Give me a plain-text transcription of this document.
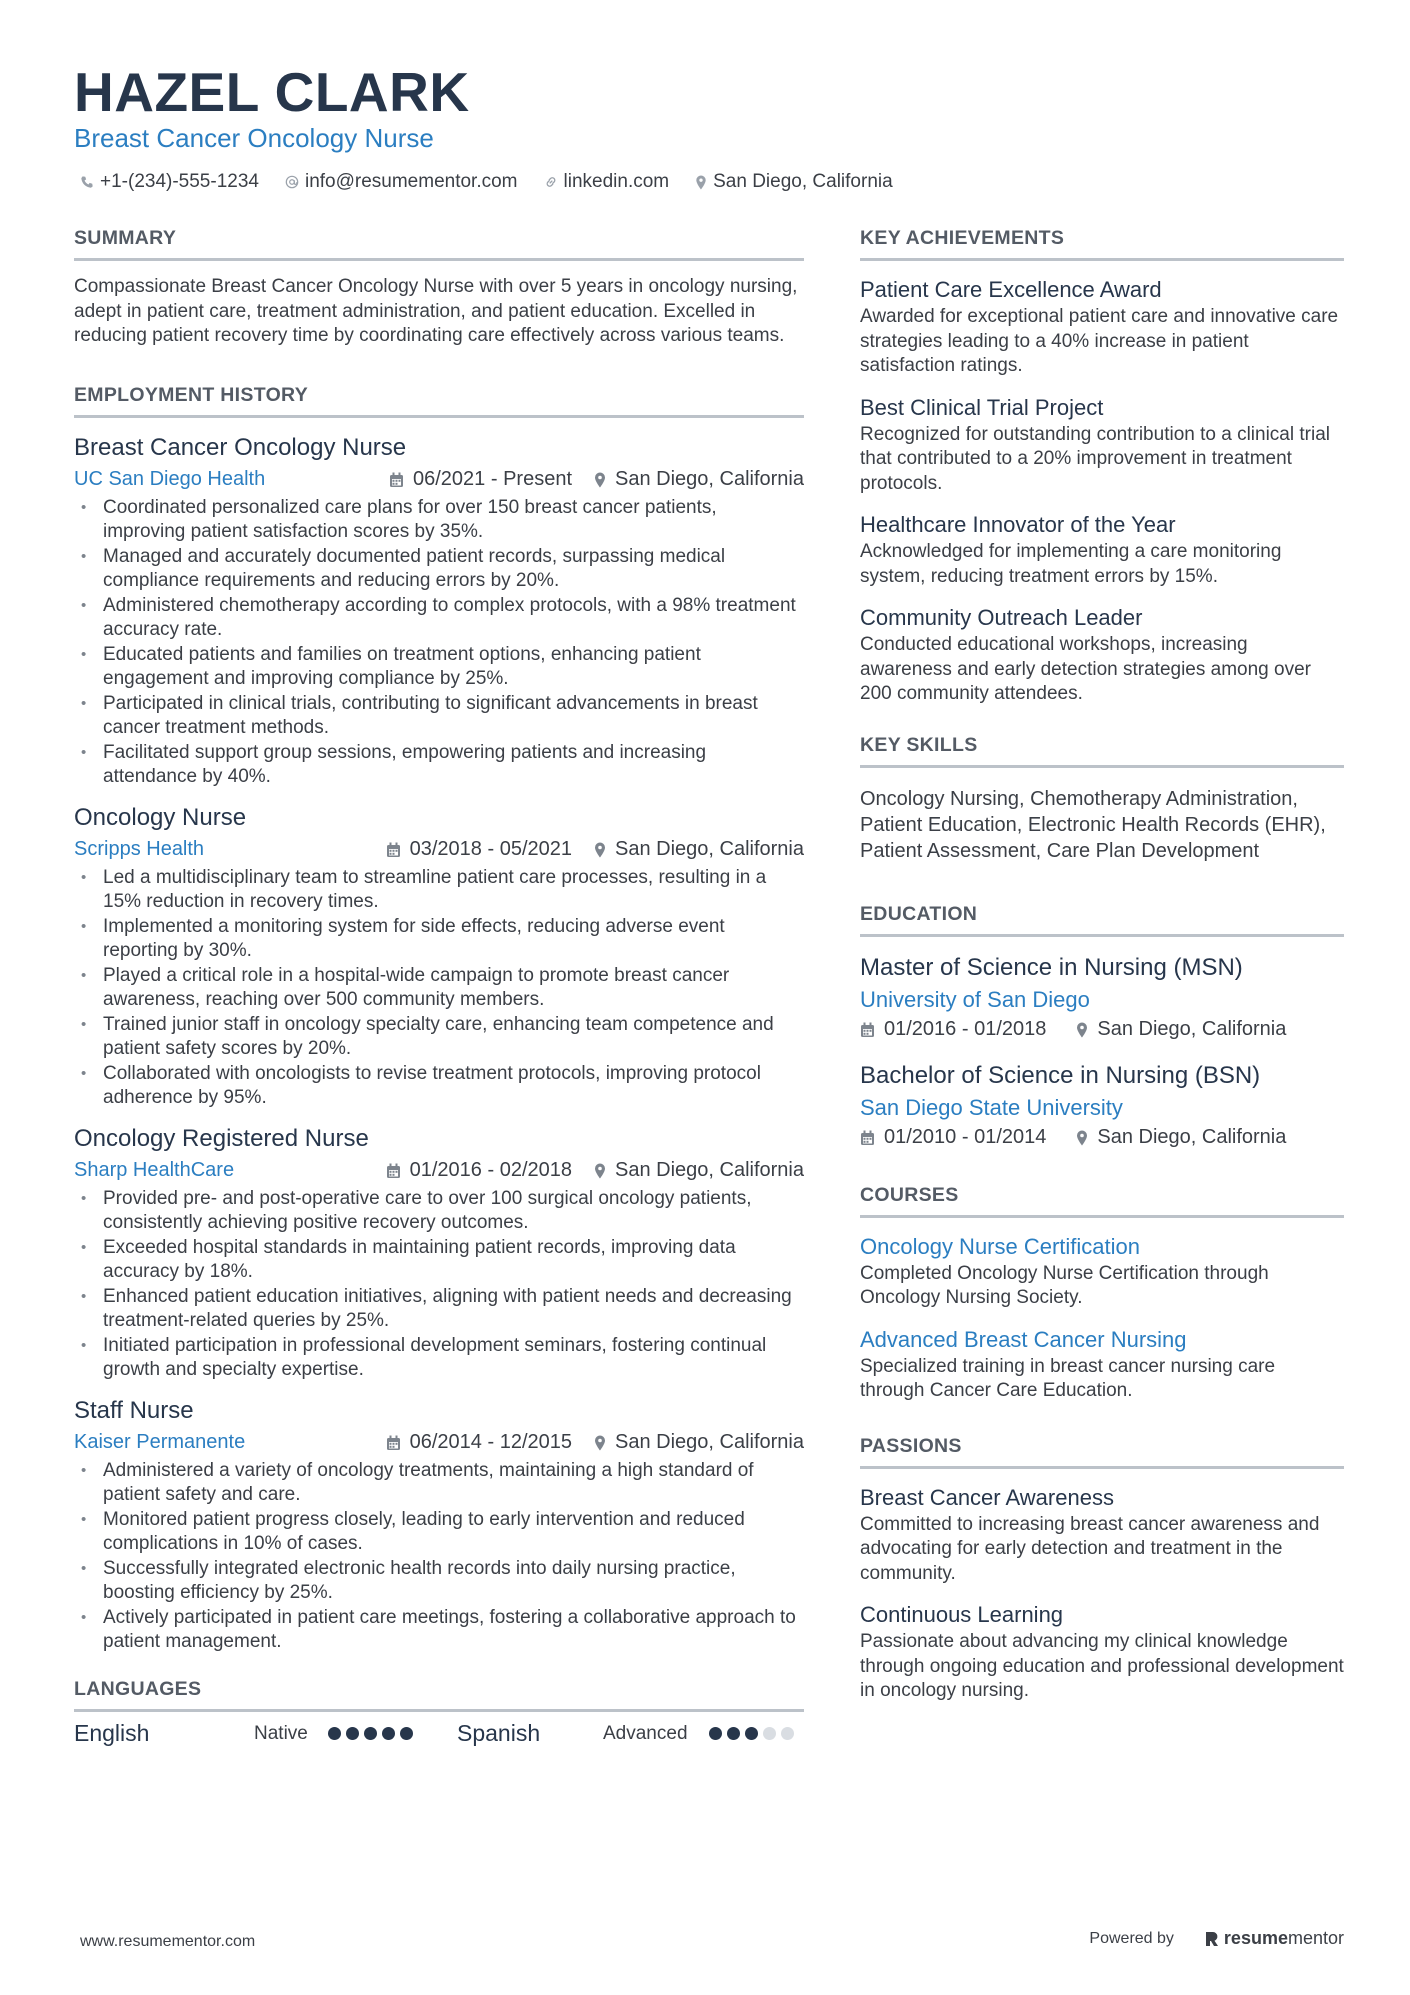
HAZEL CLARK
Breast Cancer Oncology Nurse
+1-(234)-555-1234 info@resumementor.com linkedin.com San Diego, California
SUMMARY

Compassionate Breast Cancer Oncology Nurse with over 5 years in oncology nursing, adept in patient care, treatment administration, and patient education. Excelled in reducing patient recovery time by coordinating care effectively across various teams.

EMPLOYMENT HISTORY
Breast Cancer Oncology Nurse
UC San Diego Health	06/2021 - Present San Diego, California
• Coordinated personalized care plans for over 150 breast cancer patients, improving patient satisfaction scores by 35%.
• Managed and accurately documented patient records, surpassing medical compliance requirements and reducing errors by 20%.
• Administered chemotherapy according to complex protocols, with a 98% treatment accuracy rate.
• Educated patients and families on treatment options, enhancing patient engagement and improving compliance by 25%.
• Participated in clinical trials, contributing to significant advancements in breast cancer treatment methods.
• Facilitated support group sessions, empowering patients and increasing attendance by 40%.
Oncology Nurse
Scripps Health	03/2018 - 05/2021 San Diego, California
• Led a multidisciplinary team to streamline patient care processes, resulting in a 15% reduction in recovery times.
• Implemented a monitoring system for side effects, reducing adverse event reporting by 30%.
• Played a critical role in a hospital-wide campaign to promote breast cancer awareness, reaching over 500 community members.
• Trained junior staff in oncology specialty care, enhancing team competence and patient safety scores by 20%.
• Collaborated with oncologists to revise treatment protocols, improving protocol adherence by 95%.
Oncology Registered Nurse
Sharp HealthCare	01/2016 - 02/2018 San Diego, California
• Provided pre- and post-operative care to over 100 surgical oncology patients, consistently achieving positive recovery outcomes.
• Exceeded hospital standards in maintaining patient records, improving data accuracy by 18%.
• Enhanced patient education initiatives, aligning with patient needs and decreasing treatment-related queries by 25%.
• Initiated participation in professional development seminars, fostering continual growth and specialty expertise.
Staff Nurse
Kaiser Permanente	06/2014 - 12/2015 San Diego, California
• Administered a variety of oncology treatments, maintaining a high standard of patient safety and care.
• Monitored patient progress closely, leading to early intervention and reduced complications in 10% of cases.
• Successfully integrated electronic health records into daily nursing practice, boosting efficiency by 25%.
• Actively participated in patient care meetings, fostering a collaborative approach to patient management.
LANGUAGES
English	Native	Spanish	Advanced
KEY ACHIEVEMENTS
Patient Care Excellence Award

Awarded for exceptional patient care and innovative care strategies leading to a 40% increase in patient satisfaction ratings.

Best Clinical Trial Project

Recognized for outstanding contribution to a clinical trial that contributed to a 20% improvement in treatment protocols.

Healthcare Innovator of the Year

Acknowledged for implementing a care monitoring system, reducing treatment errors by 15%.

Community Outreach Leader

Conducted educational workshops, increasing awareness and early detection strategies among over 200 community attendees.

KEY SKILLS

Oncology Nursing, Chemotherapy Administration, Patient Education, Electronic Health Records (EHR), Patient Assessment, Care Plan Development

EDUCATION
Master of Science in Nursing (MSN)
University of San Diego
01/2016 - 01/2018	San Diego, California
Bachelor of Science in Nursing (BSN)
San Diego State University
01/2010 - 01/2014	San Diego, California
COURSES
Oncology Nurse Certification

Completed Oncology Nurse Certification through Oncology Nursing Society.

Advanced Breast Cancer Nursing

Specialized training in breast cancer nursing care through Cancer Care Education.

PASSIONS
Breast Cancer Awareness

Committed to increasing breast cancer awareness and advocating for early detection and treatment in the community.

Continuous Learning

Passionate about advancing my clinical knowledge through ongoing education and professional development in oncology nursing.

www.resumementor.com	Powered by	resume mentor
